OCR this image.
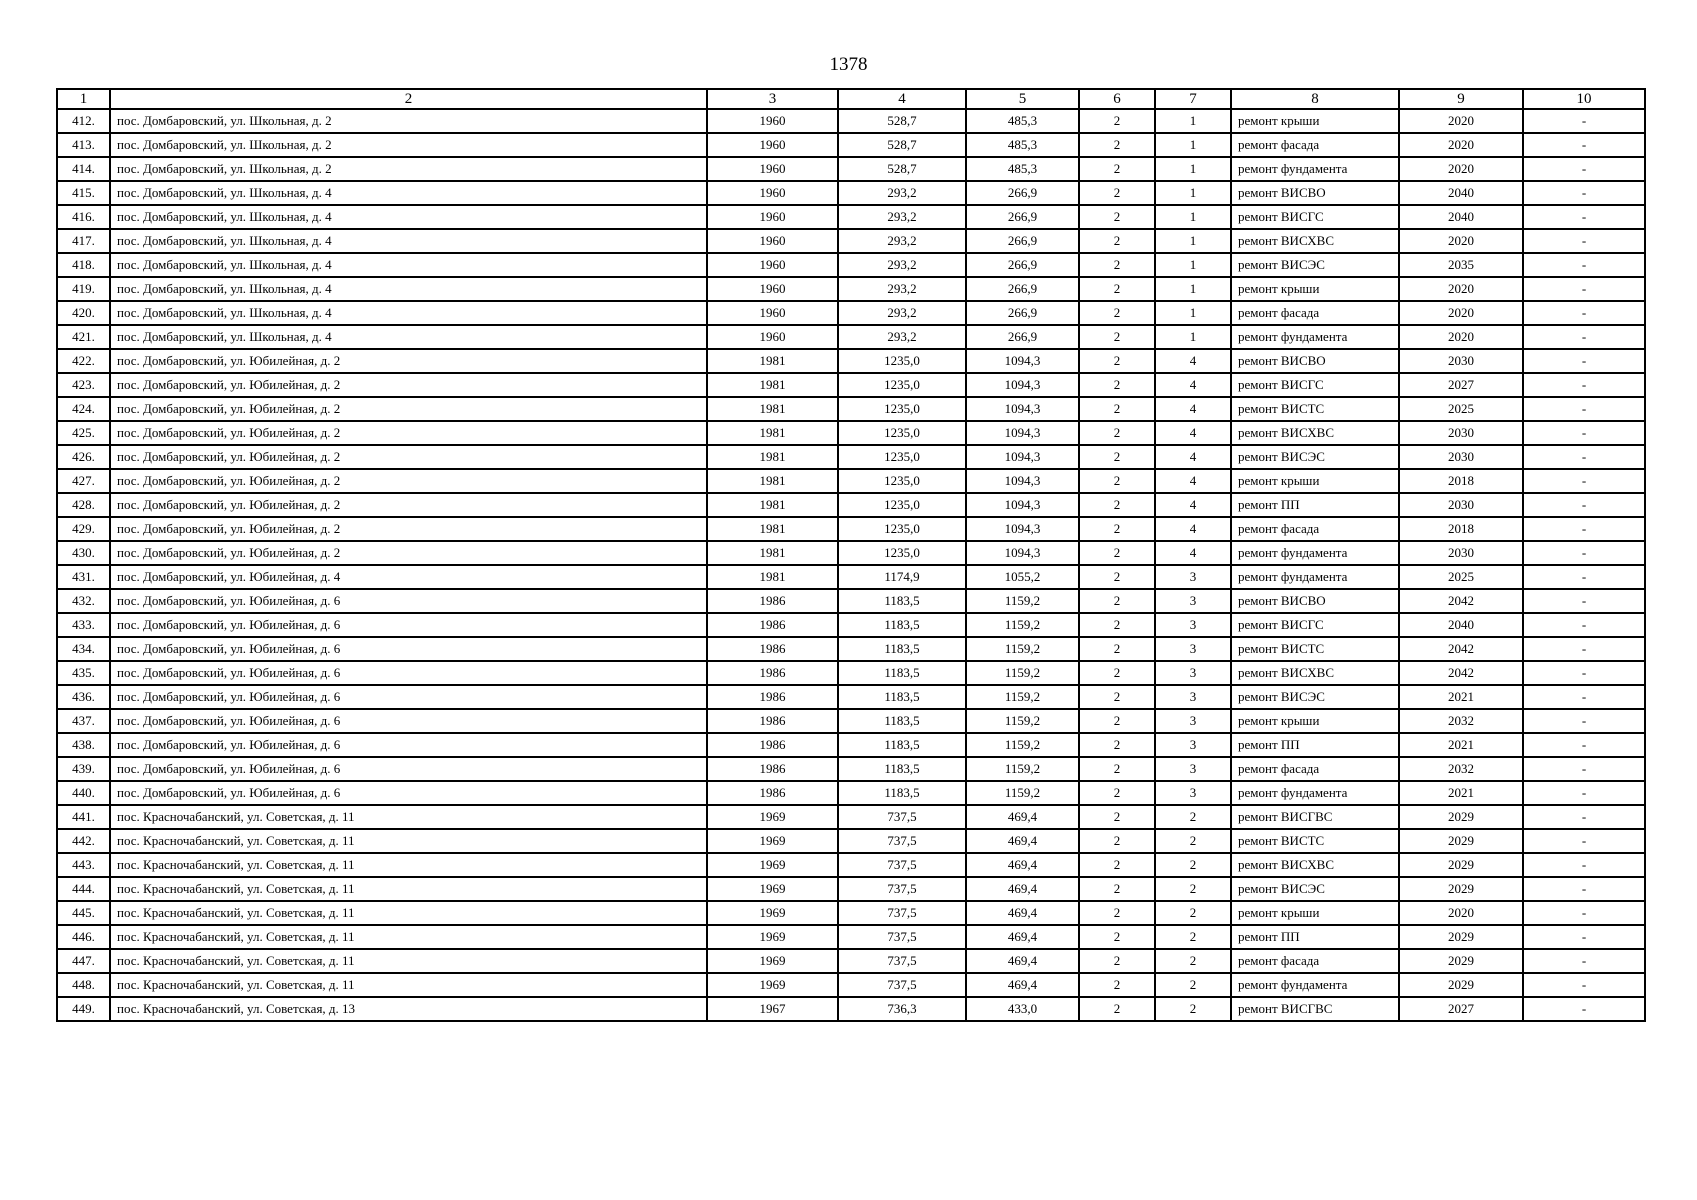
1378
1	2	3	4	5	6	7	8	9	10
412.	пос. Домбаровский, ул. Школьная, д. 2	1960	528,7	485,3	2	1	ремонт крыши	2020	-
413.	пос. Домбаровский, ул. Школьная, д. 2	1960	528,7	485,3	2	1	ремонт фасада	2020	-
414.	пос. Домбаровский, ул. Школьная, д. 2	1960	528,7	485,3	2	1	ремонт фундамента	2020	-
415.	пос. Домбаровский, ул. Школьная, д. 4	1960	293,2	266,9	2	1	ремонт ВИСВО	2040	-
416.	пос. Домбаровский, ул. Школьная, д. 4	1960	293,2	266,9	2	1	ремонт ВИСГС	2040	-
417.	пос. Домбаровский, ул. Школьная, д. 4	1960	293,2	266,9	2	1	ремонт ВИСХВС	2020	-
418.	пос. Домбаровский, ул. Школьная, д. 4	1960	293,2	266,9	2	1	ремонт ВИСЭС	2035	-
419.	пос. Домбаровский, ул. Школьная, д. 4	1960	293,2	266,9	2	1	ремонт крыши	2020	-
420.	пос. Домбаровский, ул. Школьная, д. 4	1960	293,2	266,9	2	1	ремонт фасада	2020	-
421.	пос. Домбаровский, ул. Школьная, д. 4	1960	293,2	266,9	2	1	ремонт фундамента	2020	-
422.	пос. Домбаровский, ул. Юбилейная, д. 2	1981	1235,0	1094,3	2	4	ремонт ВИСВО	2030	-
423.	пос. Домбаровский, ул. Юбилейная, д. 2	1981	1235,0	1094,3	2	4	ремонт ВИСГС	2027	-
424.	пос. Домбаровский, ул. Юбилейная, д. 2	1981	1235,0	1094,3	2	4	ремонт ВИСТС	2025	-
425.	пос. Домбаровский, ул. Юбилейная, д. 2	1981	1235,0	1094,3	2	4	ремонт ВИСХВС	2030	-
426.	пос. Домбаровский, ул. Юбилейная, д. 2	1981	1235,0	1094,3	2	4	ремонт ВИСЭС	2030	-
427.	пос. Домбаровский, ул. Юбилейная, д. 2	1981	1235,0	1094,3	2	4	ремонт крыши	2018	-
428.	пос. Домбаровский, ул. Юбилейная, д. 2	1981	1235,0	1094,3	2	4	ремонт ПП	2030	-
429.	пос. Домбаровский, ул. Юбилейная, д. 2	1981	1235,0	1094,3	2	4	ремонт фасада	2018	-
430.	пос. Домбаровский, ул. Юбилейная, д. 2	1981	1235,0	1094,3	2	4	ремонт фундамента	2030	-
431.	пос. Домбаровский, ул. Юбилейная, д. 4	1981	1174,9	1055,2	2	3	ремонт фундамента	2025	-
432.	пос. Домбаровский, ул. Юбилейная, д. 6	1986	1183,5	1159,2	2	3	ремонт ВИСВО	2042	-
433.	пос. Домбаровский, ул. Юбилейная, д. 6	1986	1183,5	1159,2	2	3	ремонт ВИСГС	2040	-
434.	пос. Домбаровский, ул. Юбилейная, д. 6	1986	1183,5	1159,2	2	3	ремонт ВИСТС	2042	-
435.	пос. Домбаровский, ул. Юбилейная, д. 6	1986	1183,5	1159,2	2	3	ремонт ВИСХВС	2042	-
436.	пос. Домбаровский, ул. Юбилейная, д. 6	1986	1183,5	1159,2	2	3	ремонт ВИСЭС	2021	-
437.	пос. Домбаровский, ул. Юбилейная, д. 6	1986	1183,5	1159,2	2	3	ремонт крыши	2032	-
438.	пос. Домбаровский, ул. Юбилейная, д. 6	1986	1183,5	1159,2	2	3	ремонт ПП	2021	-
439.	пос. Домбаровский, ул. Юбилейная, д. 6	1986	1183,5	1159,2	2	3	ремонт фасада	2032	-
440.	пос. Домбаровский, ул. Юбилейная, д. 6	1986	1183,5	1159,2	2	3	ремонт фундамента	2021	-
441.	пос. Красночабанский, ул. Советская, д. 11	1969	737,5	469,4	2	2	ремонт ВИСГВС	2029	-
442.	пос. Красночабанский, ул. Советская, д. 11	1969	737,5	469,4	2	2	ремонт ВИСТС	2029	-
443.	пос. Красночабанский, ул. Советская, д. 11	1969	737,5	469,4	2	2	ремонт ВИСХВС	2029	-
444.	пос. Красночабанский, ул. Советская, д. 11	1969	737,5	469,4	2	2	ремонт ВИСЭС	2029	-
445.	пос. Красночабанский, ул. Советская, д. 11	1969	737,5	469,4	2	2	ремонт крыши	2020	-
446.	пос. Красночабанский, ул. Советская, д. 11	1969	737,5	469,4	2	2	ремонт ПП	2029	-
447.	пос. Красночабанский, ул. Советская, д. 11	1969	737,5	469,4	2	2	ремонт фасада	2029	-
448.	пос. Красночабанский, ул. Советская, д. 11	1969	737,5	469,4	2	2	ремонт фундамента	2029	-
449.	пос. Красночабанский, ул. Советская, д. 13	1967	736,3	433,0	2	2	ремонт ВИСГВС	2027	-
